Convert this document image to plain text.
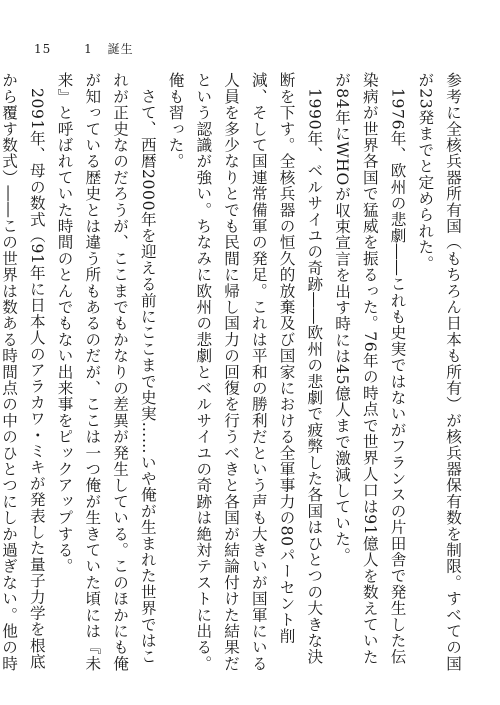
15	1 誕生

参考に全核兵器所有国（もちろん日本も所有）が核兵器保有数を制限。すべての国が23発までと定められた。

1976年、欧州の悲劇――これも史実ではないがフランスの片田舎で発生した伝染病が世界各国で猛威を振るった。76年の時点で世界人口は91億人を数えていたが84年にWHOが収束宣言を出す時には45億人まで激減していた。

1990年、ベルサイユの奇跡――欧州の悲劇で疲弊した各国はひとつの大きな決断を下す。全核兵器の恒久的放棄及び国家における全軍事力の80パーセント削減、そして国連常備軍の発足。これは平和の勝利だという声も大きいが国軍にいる人員を多少なりとでも民間に帰し国力の回復を行うべきと各国が結論付けた結果だという認識が強い。ちなみに欧州の悲劇とベルサイユの奇跡は絶対テストに出る。俺も習った。

さて、西暦2000年を迎える前にここまで史実……いや俺が生まれた世界ではこれが正史なのだろうが、ここまでもかなりの差異が発生している。このほかにも俺が知っている歴史とは違う所もあるのだが、ここは一つ俺が生きていた頃には『未来』と呼ばれていた時間のとんでもない出来事をピックアップする。

2091年、母の数式（91年に日本人のアラカワ・ミキが発表した量子力学を根底から覆す数式）――この世界は数ある時間点の中のひとつにしか過ぎない。他の時
